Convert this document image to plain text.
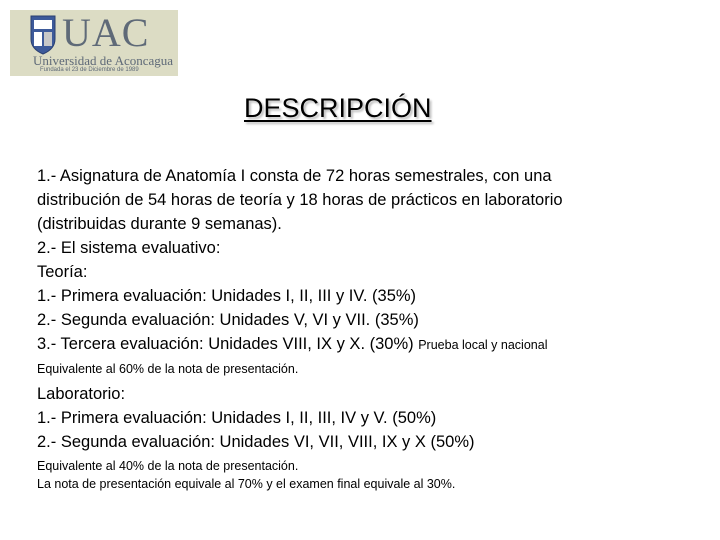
UAC
Universidad de Aconcagua
Fundada el 23 de Diciembre de 1989
DESCRIPCIÓN
1.- Asignatura de Anatomía I consta de 72 horas semestrales, con una
distribución de 54 horas de teoría y 18 horas de prácticos en laboratorio
(distribuidas durante 9 semanas).
2.- El sistema evaluativo:
Teoría:
1.- Primera evaluación: Unidades I, II, III y IV. (35%)
2.- Segunda evaluación: Unidades V, VI y VII. (35%)
3.- Tercera evaluación: Unidades VIII, IX y X. (30%) Prueba local y nacional
Equivalente al 60% de la nota de presentación.
Laboratorio:
1.- Primera evaluación: Unidades I, II, III, IV y V. (50%)
2.- Segunda evaluación: Unidades VI, VII, VIII, IX y X (50%)
Equivalente al 40% de la nota de presentación.
La nota de presentación equivale al 70% y el examen final equivale al 30%.
